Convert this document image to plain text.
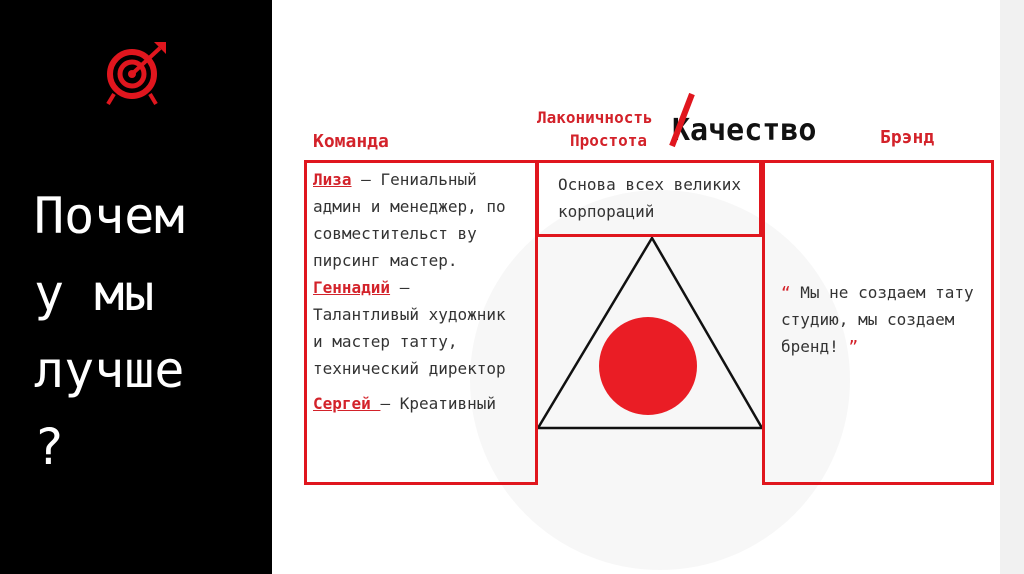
Почем
у мы
лучше
?
Команда
Лаконичность
Простота Качество	Брэнд
Лиза – Гениальный админ и менеджер, по совместительст ву пирсинг мастер.
Геннадий – Талантливый художник и мастер татту, технический директор

Сергей – Креативный
Основа всех великих корпораций
“ Мы не создаем тату студию, мы создаем бренд! ”
